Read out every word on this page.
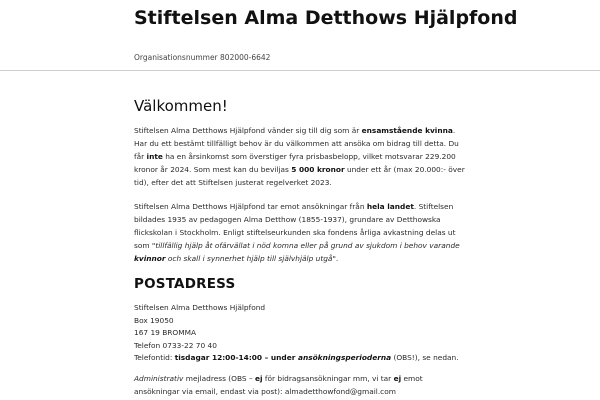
Stiftelsen Alma Detthows Hjälpfond
Organisationsnummer 802000-6642
Välkommen!

Stiftelsen Alma Detthows Hjälpfond vänder sig till dig som är ensamstående kvinna. Har du ett bestämt tillfälligt behov är du välkommen att ansöka om bidrag till detta. Du får inte ha en årsinkomst som överstiger fyra prisbasbelopp, vilket motsvarar 229.200 kronor år 2024. Som mest kan du beviljas 5 000 kronor under ett år (max 20.000:- över tid), efter det att Stiftelsen justerat regelverket 2023.

Stiftelsen Alma Detthows Hjälpfond tar emot ansökningar från hela landet. Stiftelsen bildades 1935 av pedagogen Alma Detthow (1855-1937), grundare av Detthowska flickskolan i Stockholm. Enligt stiftelseurkunden ska fondens årliga avkastning delas ut som "tillfällig hjälp åt ofärvällat i nöd komna eller på grund av sjukdom i behov varande kvinnor och skall i synnerhet hjälp till självhjälp utgå".

POSTADRESS
Stiftelsen Alma Detthows Hjälpfond
Box 19050
167 19 BROMMA
Telefon 0733-22 70 40
Telefontid: tisdagar 12:00-14:00 – under ansökningsperioderna (OBS!), se nedan.

Administrativ mejladress (OBS – ej för bidragsansökningar mm, vi tar ej emot ansökningar via email, endast via post): almadetthowfond@gmail.com
